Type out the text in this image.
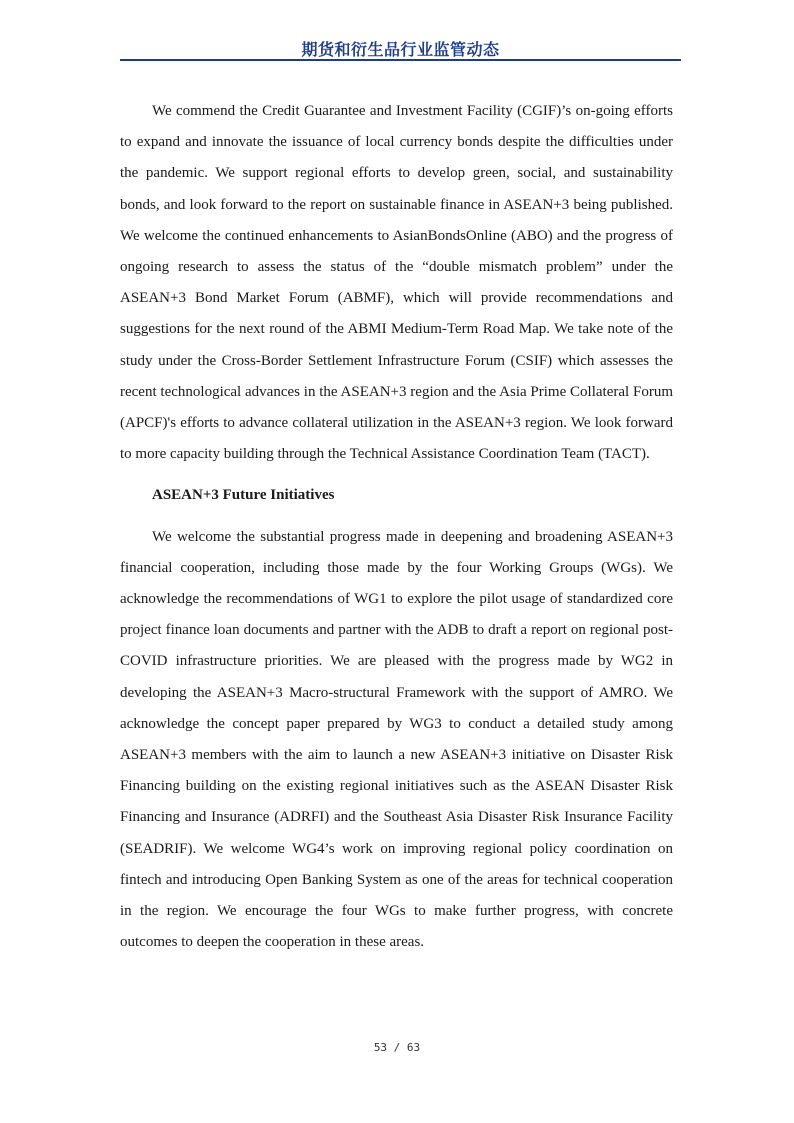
期货和衍生品行业监管动态

We commend the Credit Guarantee and Investment Facility (CGIF)’s on-going efforts to expand and innovate the issuance of local currency bonds despite the difficulties under the pandemic. We support regional efforts to develop green, social, and sustainability bonds, and look forward to the report on sustainable finance in ASEAN+3 being published. We welcome the continued enhancements to AsianBondsOnline (ABO) and the progress of ongoing research to assess the status of the “double mismatch problem” under the ASEAN+3 Bond Market Forum (ABMF), which will provide recommendations and suggestions for the next round of the ABMI Medium-Term Road Map. We take note of the study under the Cross-Border Settlement Infrastructure Forum (CSIF) which assesses the recent technological advances in the ASEAN+3 region and the Asia Prime Collateral Forum (APCF)'s efforts to advance collateral utilization in the ASEAN+3 region. We look forward to more capacity building through the Technical Assistance Coordination Team (TACT).

ASEAN+3 Future Initiatives

We welcome the substantial progress made in deepening and broadening ASEAN+3 financial cooperation, including those made by the four Working Groups (WGs). We acknowledge the recommendations of WG1 to explore the pilot usage of standardized core project finance loan documents and partner with the ADB to draft a report on regional post-COVID infrastructure priorities. We are pleased with the progress made by WG2 in developing the ASEAN+3 Macro-structural Framework with the support of AMRO. We acknowledge the concept paper prepared by WG3 to conduct a detailed study among ASEAN+3 members with the aim to launch a new ASEAN+3 initiative on Disaster Risk Financing building on the existing regional initiatives such as the ASEAN Disaster Risk Financing and Insurance (ADRFI) and the Southeast Asia Disaster Risk Insurance Facility (SEADRIF). We welcome WG4’s work on improving regional policy coordination on fintech and introducing Open Banking System as one of the areas for technical cooperation in the region. We encourage the four WGs to make further progress, with concrete outcomes to deepen the cooperation in these areas.

53 / 63
